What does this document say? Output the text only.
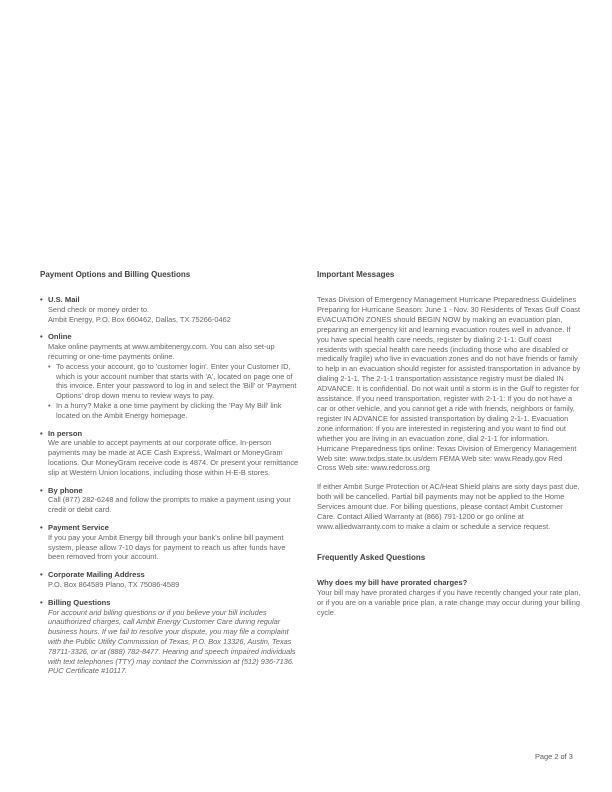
Payment Options and Billing Questions
• U.S. Mail
Send check or money order to.
Ambit Energy, P.O. Box 660462, Dallas, TX 75266-0462
• Online
Make online payments at www.ambitenergy.com. You can also set-up recurring or one-time payments online.
• To access your account, go to 'customer login'. Enter your Customer ID, which is your account number that starts with 'A', located on page one of this invoice. Enter your password to log in and select the 'Bill' or 'Payment Options' drop down menu to review ways to pay.
• In a hurry? Make a one time payment by clicking the 'Pay My Bill' link located on the Ambit Energy homepage.
• In person
We are unable to accept payments at our corporate office. In-person payments may be made at ACE Cash Express, Walmart or MoneyGram locations. Our MoneyGram receive code is 4874. Or present your remittance slip at Western Union locations, including those within H-E-B stores.
• By phone
Call (877) 282-6248 and follow the prompts to make a payment using your credit or debit card.
• Payment Service
If you pay your Ambit Energy bill through your bank's online bill payment system, please allow 7-10 days for payment to reach us after funds have been removed from your account.
• Corporate Mailing Address
P.O. Box 864589 Plano, TX 75086-4589
• Billing Questions
For account and billing questions or if you believe your bill includes unauthorized charges, call Ambit Energy Customer Care during regular business hours. If we fail to resolve your dispute, you may file a complaint with the Public Utility Commission of Texas, P.O. Box 13326, Austin, Texas 78711-3326, or at (888) 782-8477. Hearing and speech impaired individuals with text telephones (TTY) may contact the Commission at (512) 936-7136. PUC Certificate #10117.
Important Messages

Texas Division of Emergency Management Hurricane Preparedness Guidelines Preparing for Hurricane Season: June 1 - Nov. 30 Residents of Texas Gulf Coast EVACUATION ZONES should BEGIN NOW by making an evacuation plan, preparing an emergency kit and learning evacuation routes well in advance. If you have special health care needs, register by dialing 2-1-1: Gulf coast residents with special health care needs (including those who are disabled or medically fragile) who live in evacuation zones and do not have friends or family to help in an evacuation should register for assisted transportation in advance by dialing 2-1-1. The 2-1-1 transportation assistance registry must be dialed IN ADVANCE. It is confidential. Do not wait until a storm is in the Gulf to register for assistance. If you need transportation, register with 2-1-1: If you do not have a car or other vehicle, and you cannot get a ride with friends, neighbors or family, register IN ADVANCE for assisted transportation by dialing 2-1-1. Evacuation zone information: If you are interested in registering and you want to find out whether you are living in an evacuation zone, dial 2-1-1 for information. Hurricane Preparedness tips online: Texas Division of Emergency Management Web site: www.txdps.state.tx.us/dem FEMA Web site: www.Ready.gov Red Cross Web site: www.redcross.org

If either Ambit Surge Protection or AC/Heat Shield plans are sixty days past due, both will be cancelled. Partial bill payments may not be applied to the Home Services amount due. For billing questions, please contact Ambit Customer Care. Contact Allied Warranty at (866) 791-1200 or go online at www.alliedwarranty.com to make a claim or schedule a service request.

Frequently Asked Questions
Why does my bill have prorated charges?

Your bill may have prorated charges if you have recently changed your rate plan, or if you are on a variable price plan, a rate change may occur during your billing cycle.

Page 2 of 3
